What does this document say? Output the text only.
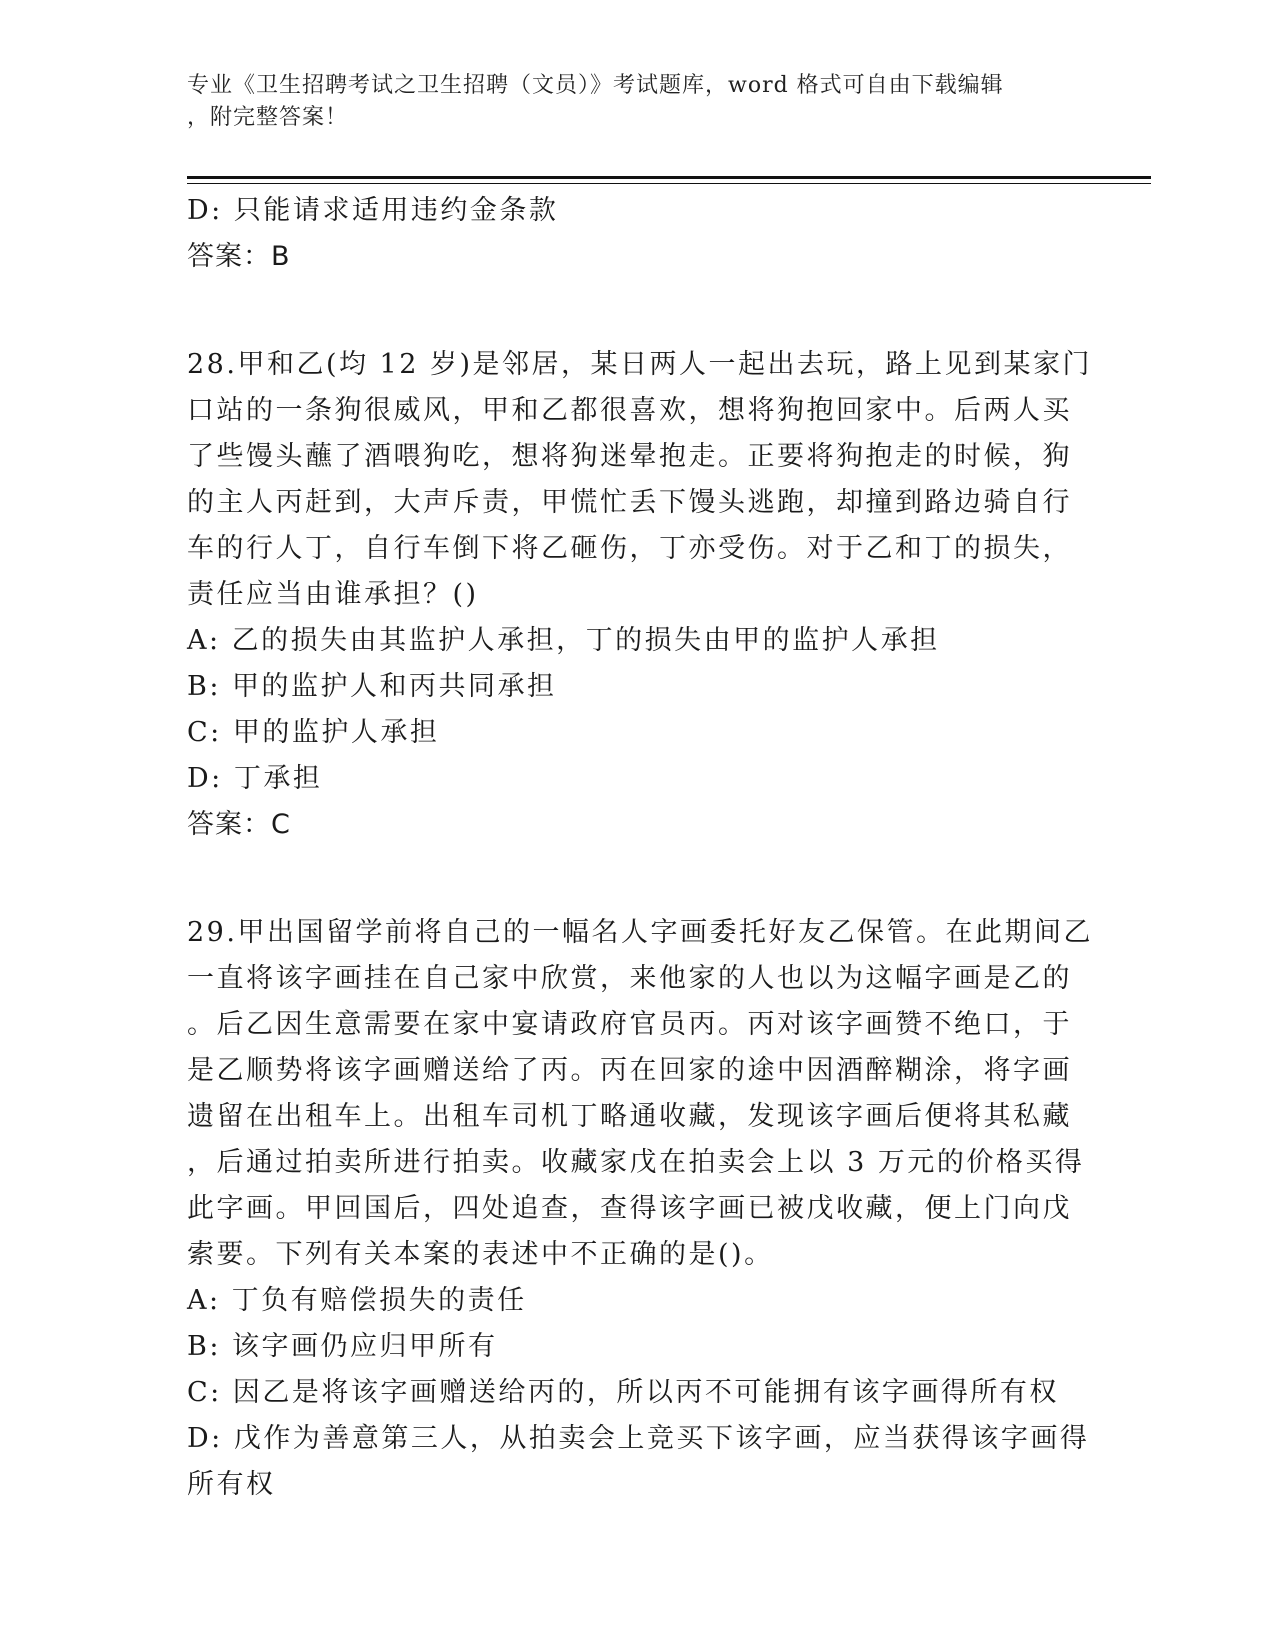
专业《卫生招聘考试之卫生招聘（文员）》考试题库，word 格式可自由下载编辑
，附完整答案！
D: 只能请求适用违约金条款
答案：B
28.甲和乙(均 12 岁)是邻居，某日两人一起出去玩，路上见到某家门
口站的一条狗很威风，甲和乙都很喜欢，想将狗抱回家中。后两人买
了些馒头蘸了酒喂狗吃，想将狗迷晕抱走。正要将狗抱走的时候，狗
的主人丙赶到，大声斥责，甲慌忙丢下馒头逃跑，却撞到路边骑自行
车的行人丁，自行车倒下将乙砸伤，丁亦受伤。对于乙和丁的损失，
责任应当由谁承担？()
A: 乙的损失由其监护人承担，丁的损失由甲的监护人承担
B: 甲的监护人和丙共同承担
C: 甲的监护人承担
D: 丁承担
答案：C
29.甲出国留学前将自己的一幅名人字画委托好友乙保管。在此期间乙
一直将该字画挂在自己家中欣赏，来他家的人也以为这幅字画是乙的
。后乙因生意需要在家中宴请政府官员丙。丙对该字画赞不绝口，于
是乙顺势将该字画赠送给了丙。丙在回家的途中因酒醉糊涂，将字画
遗留在出租车上。出租车司机丁略通收藏，发现该字画后便将其私藏
，后通过拍卖所进行拍卖。收藏家戊在拍卖会上以 3 万元的价格买得
此字画。甲回国后，四处追查，查得该字画已被戊收藏，便上门向戊
索要。下列有关本案的表述中不正确的是()。
A: 丁负有赔偿损失的责任
B: 该字画仍应归甲所有
C: 因乙是将该字画赠送给丙的，所以丙不可能拥有该字画得所有权
D: 戊作为善意第三人，从拍卖会上竞买下该字画，应当获得该字画得
所有权
